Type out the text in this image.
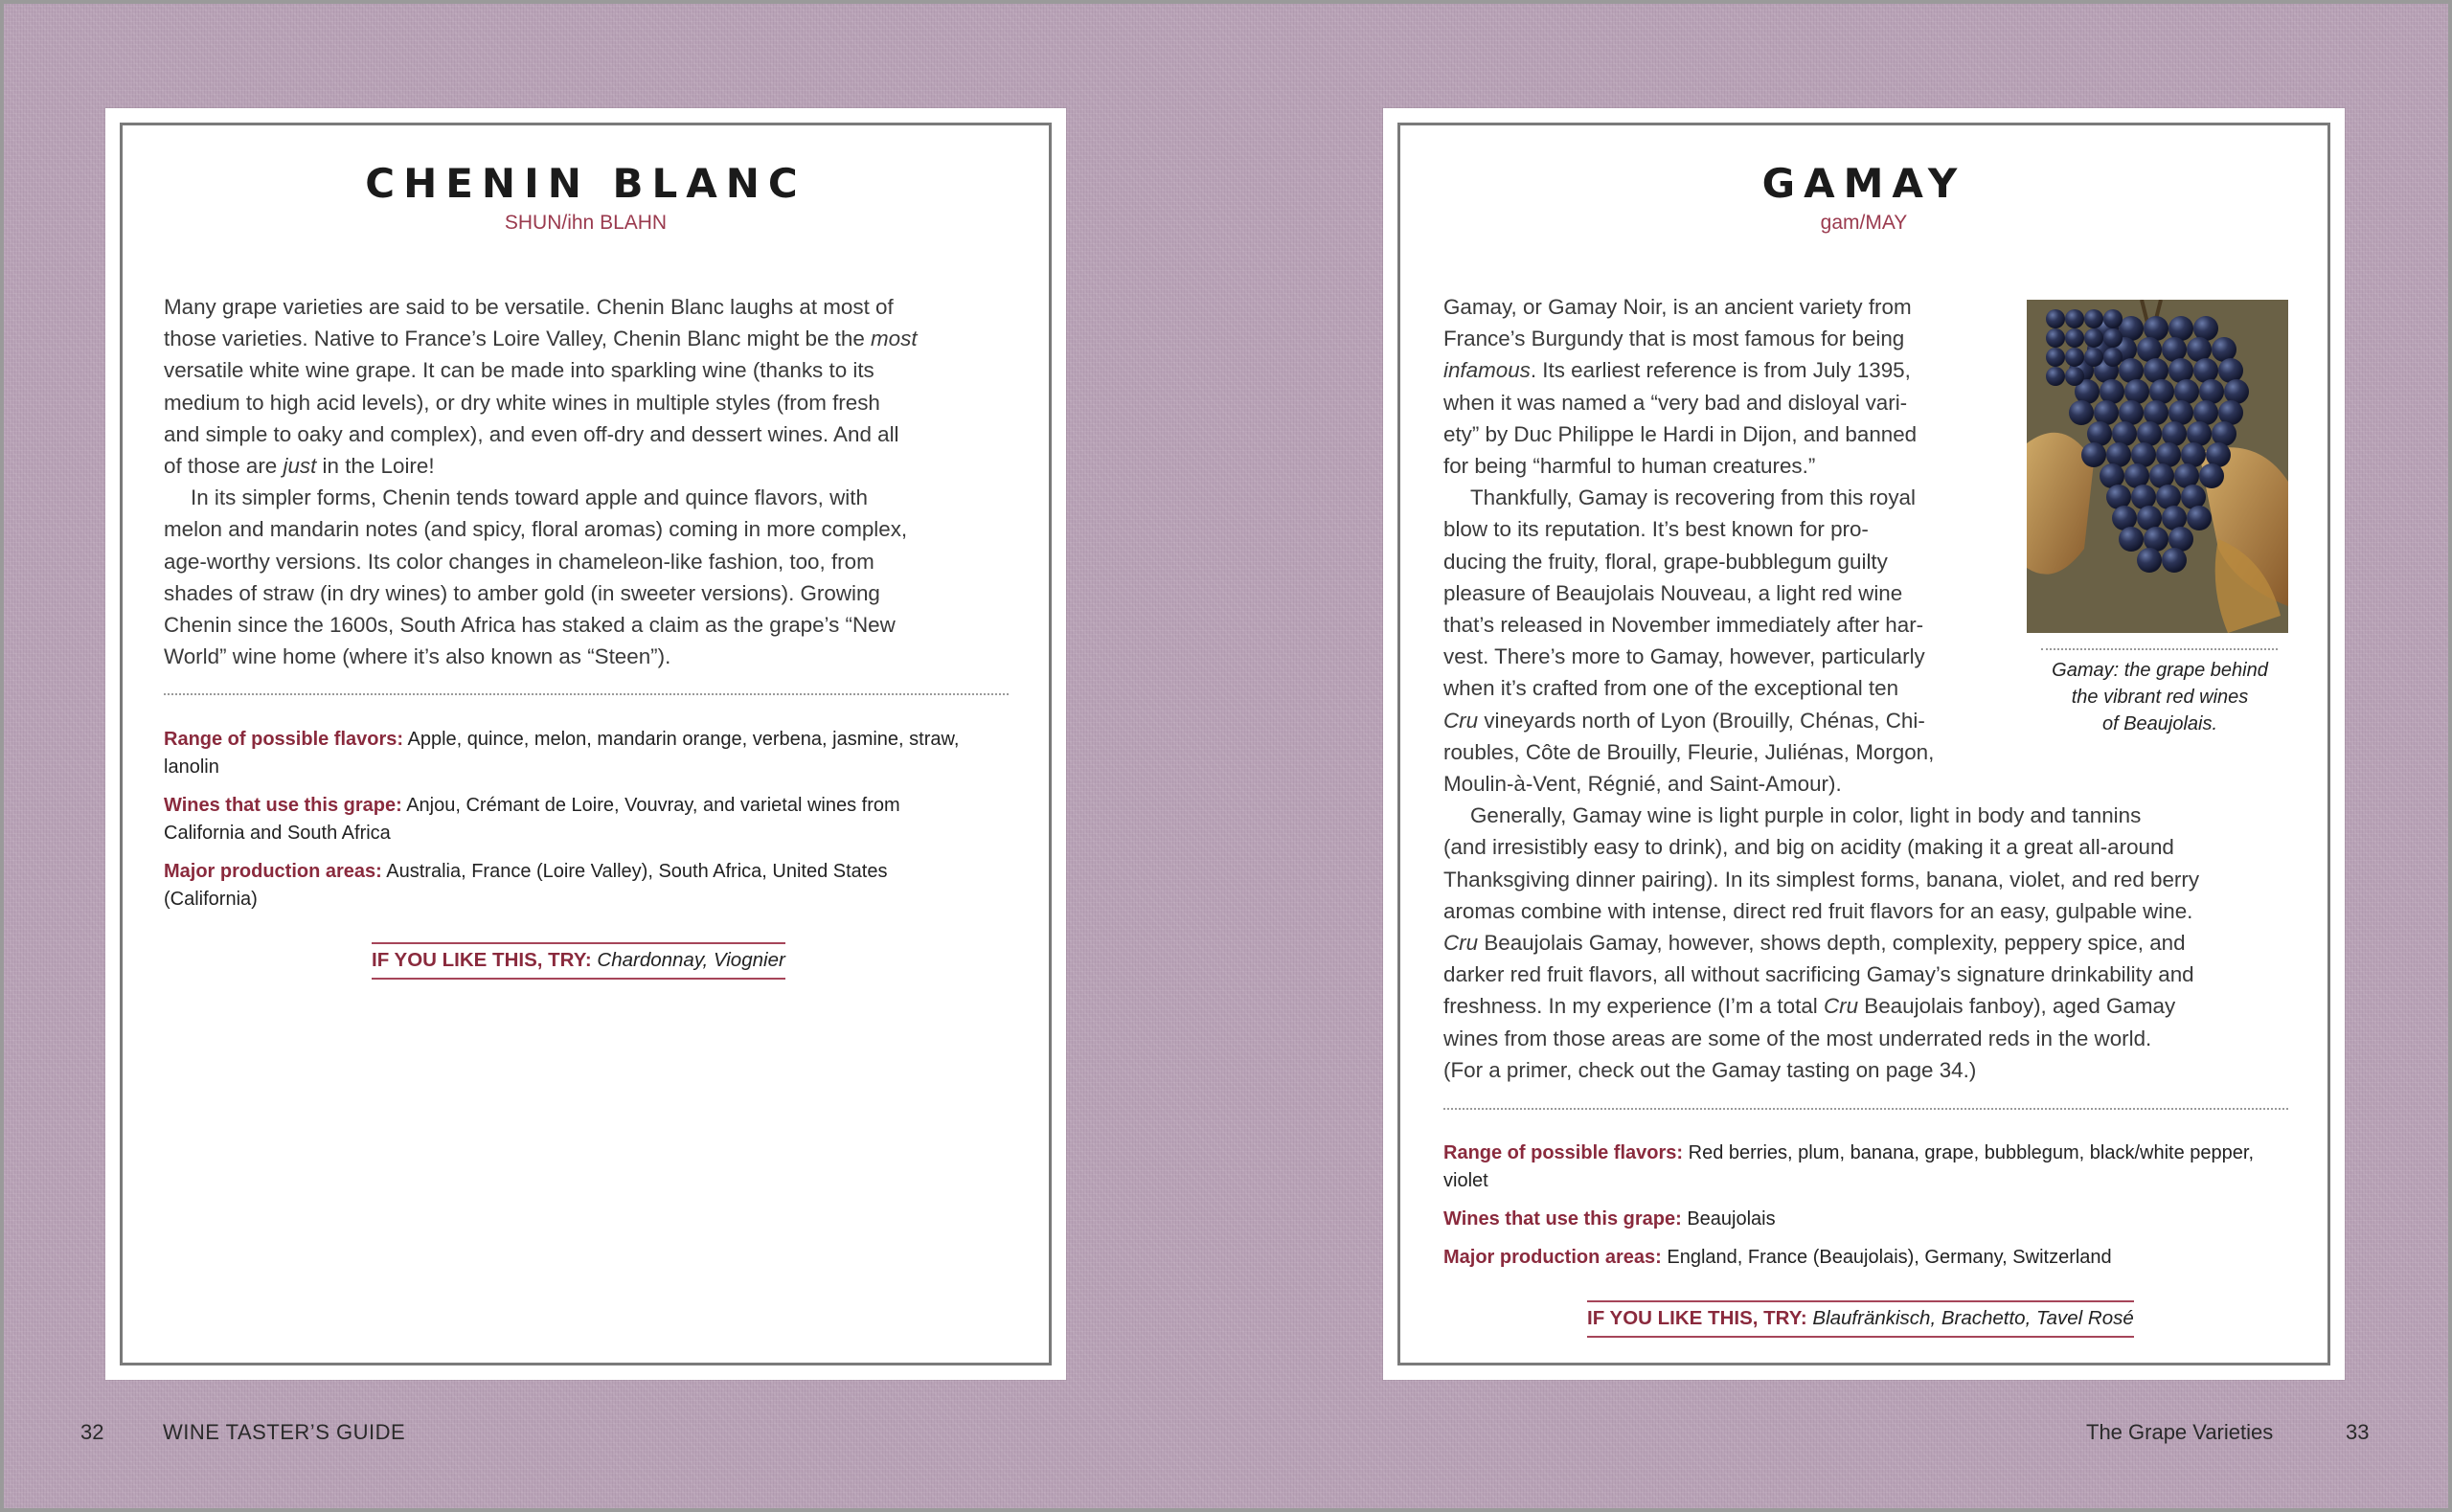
CHENIN BLANC
SHUN/ihn BLAHN
Many grape varieties are said to be versatile. Chenin Blanc laughs at most of
those varieties. Native to France’s Loire Valley, Chenin Blanc might be the most
versatile white wine grape. It can be made into sparkling wine (thanks to its
medium to high acid levels), or dry white wines in multiple styles (from fresh
and simple to oaky and complex), and even off-dry and dessert wines. And all
of those are just in the Loire!
In its simpler forms, Chenin tends toward apple and quince flavors, with
melon and mandarin notes (and spicy, floral aromas) coming in more complex,
age-worthy versions. Its color changes in chameleon-like fashion, too, from
shades of straw (in dry wines) to amber gold (in sweeter versions). Growing
Chenin since the 1600s, South Africa has staked a claim as the grape’s “New
World” wine home (where it’s also known as “Steen”).
Range of possible flavors: Apple, quince, melon, mandarin orange, verbena, jasmine, straw, lanolin
Wines that use this grape: Anjou, Crémant de Loire, Vouvray, and varietal wines from California and South Africa
Major production areas: Australia, France (Loire Valley), South Africa, United States (California)
IF YOU LIKE THIS, TRY: Chardonnay, Viognier
GAMAY
gam/MAY
Gamay, or Gamay Noir, is an ancient variety from
France’s Burgundy that is most famous for being
infamous. Its earliest reference is from July 1395,
when it was named a “very bad and disloyal vari-
ety” by Duc Philippe le Hardi in Dijon, and banned
for being “harmful to human creatures.”
Thankfully, Gamay is recovering from this royal
blow to its reputation. It’s best known for pro-
ducing the fruity, floral, grape-bubblegum guilty
pleasure of Beaujolais Nouveau, a light red wine
that’s released in November immediately after har-
vest. There’s more to Gamay, however, particularly
when it’s crafted from one of the exceptional ten
Cru vineyards north of Lyon (Brouilly, Chénas, Chi-
roubles, Côte de Brouilly, Fleurie, Juliénas, Morgon,
Moulin-à-Vent, Régnié, and Saint-Amour).
Generally, Gamay wine is light purple in color, light in body and tannins
(and irresistibly easy to drink), and big on acidity (making it a great all-around
Thanksgiving dinner pairing). In its simplest forms, banana, violet, and red berry
aromas combine with intense, direct red fruit flavors for an easy, gulpable wine.
Cru Beaujolais Gamay, however, shows depth, complexity, peppery spice, and
darker red fruit flavors, all without sacrificing Gamay’s signature drinkability and
freshness. In my experience (I’m a total Cru Beaujolais fanboy), aged Gamay
wines from those areas are some of the most underrated reds in the world.
(For a primer, check out the Gamay tasting on page 34.)
Gamay: the grape behind
the vibrant red wines
of Beaujolais.
Range of possible flavors: Red berries, plum, banana, grape, bubblegum, black/white pepper, violet
Wines that use this grape: Beaujolais
Major production areas: England, France (Beaujolais), Germany, Switzerland
IF YOU LIKE THIS, TRY: Blaufränkisch, Brachetto, Tavel Rosé
32	WINE TASTER’S GUIDE	The Grape Varieties	33
